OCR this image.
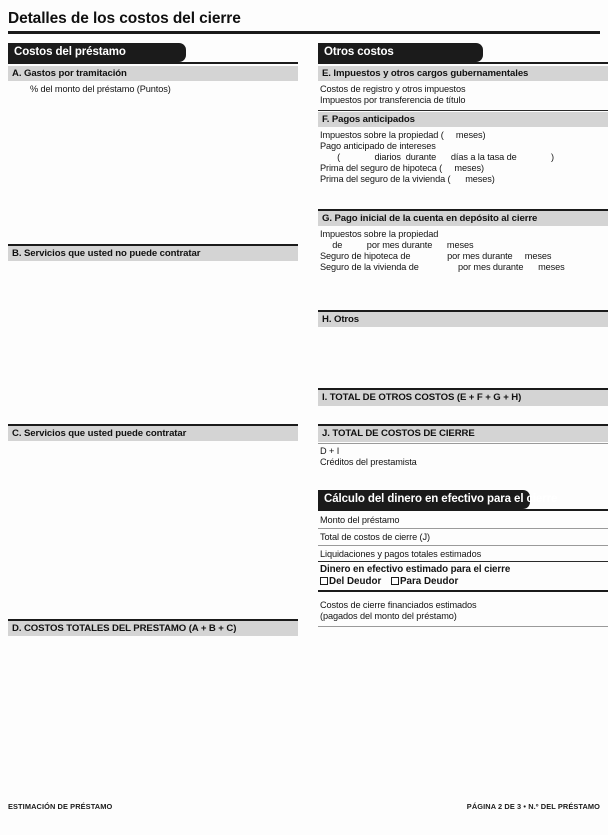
Detalles de los costos del cierre
Costos del préstamo
A. Gastos por tramitación
% del monto del préstamo (Puntos)
B. Servicios que usted no puede contratar
C. Servicios que usted puede contratar
D. COSTOS TOTALES DEL PRESTAMO (A + B + C)
Otros costos
E. Impuestos y otros cargos gubernamentales
Costos de registro y otros impuestos
Impuestos por transferencia de título
F. Pagos anticipados
Impuestos sobre la propiedad (     meses)
Pago anticipado de intereses
(              diarios  durante      días a la tasa de              )
Prima del seguro de hipoteca (     meses)
Prima del seguro de la vivienda (      meses)
G. Pago inicial de la cuenta en depósito al cierre
Impuestos sobre la propiedad
de          por mes durante      meses
Seguro de hipoteca de               por mes durante     meses
Seguro de la vivienda de                por mes durante      meses
H. Otros
I. TOTAL DE OTROS COSTOS (E + F + G + H)
J. TOTAL DE COSTOS DE CIERRE
D + I
Créditos del prestamista
Cálculo del dinero en efectivo para el cierre
Monto del préstamo
Total de costos de cierre (J)
Liquidaciones y pagos totales estimados
Dinero en efectivo estimado para el cierre
Del Deudor Para Deudor
Costos de cierre financiados estimados
(pagados del monto del préstamo)
ESTIMACIÓN DE PRÉSTAMO	PÁGINA 2 DE 3 • N.º DEL PRÉSTAMO
